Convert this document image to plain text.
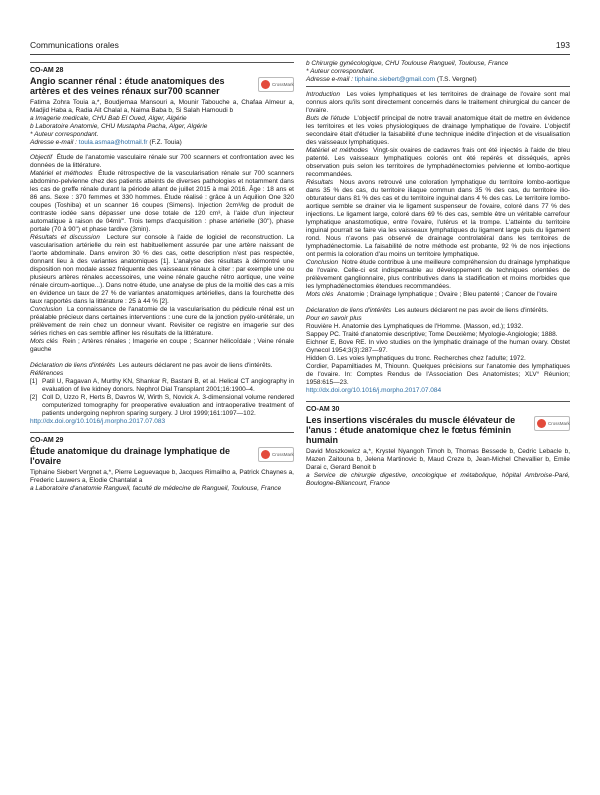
Communications orales	193
CO-AM 28
CrossMark
Angio scanner rénal : étude anatomiques des artères et des veines rénaux sur700 scanner

Fatima Zohra Touia a,*, Boudjemaa Mansouri a, Mounir Tabouche a, Chafaa Almeur a, Madjid Haba a, Radia Ait Chalal a, Naima Baba b, Si Salah Hamoudi b

a Imagerie medicale, CHU Bab El Oued, Alger, Algérie

b Laboratoire Anatomie, CHU Mustapha Pacha, Alger, Algérie

* Auteur correspondant.

Adresse e-mail : toula.asmaa@hotmail.fr (F.Z. Touia)

Objectif Étude de l'anatomie vasculaire rénale sur 700 scanners et confrontation avec les données de la littérature.

Matériel et méthodes Étude rétrospective de la vascularisation rénale sur 700 scanners abdomino-pelvienne chez des patients atteints de diverses pathologies et notamment dans les cas de greffe rénale durant la période allant de juillet 2015 à mai 2016. Âge : 18 ans et 86 ans. Sexe : 370 femmes et 330 hommes. Étude réalisé : grâce à un Aquilion One 320 coupes (Toshiba) et un scanner 16 coupes (Simens). Injection 2cm³/kg de produit de contraste iodée sans dépasser une dose totale de 120 cm³, à l'aide d'un injecteur automatique à raison de 04ml/''. Trois temps d'acquisition : phase artérielle (30''), phase portale (70 à 90'') et phase tardive (3min).

Résultats et discussion Lecture sur console à l'aide de logiciel de reconstruction. La vascularisation artérielle du rein est habituellement assurée par une artère naissant de l'aorte abdominale. Dans environ 30 % des cas, cette description n'est pas respectée, donnant lieu à des variantes anatomiques [1]. L'analyse des résultats à démontré une disposition non modale assez fréquente des vaisseaux rénaux à citer : par exemple une ou plusieurs artères rénales accessoires, une veine rénale gauche rétro aortique, une veine rénale circum-aortique...). Dans notre étude, une analyse de plus de la moitié des cas a mis en évidence un taux de 27 % de variantes anatomiques artérielles, dans la fourchette des taux rapportés dans la littérature : 25 à 44 % [2].

Conclusion La connaissance de l'anatomie de la vascularisation du pédicule rénal est un préalable précieux dans certaines interventions : une cure de la jonction pyélo-urétérale, un prélèvement de rein chez un donneur vivant. Revisiter ce registre en imagerie sur des séries riches en cas semble affiner les résultats de la littérature.

Mots clés Rein ; Artères rénales ; Imagerie en coupe ; Scanner hélicoïdale ; Veine rénale gauche

Déclaration de liens d'intérêts Les auteurs déclarent ne pas avoir de liens d'intérêts.

Références

[1] Patil U, Ragavan A, Murthy KN, Shankar R, Bastani B, et al. Helical CT angiography in evaluation of live kidney donors. Nephrol Dial Transplant 2001;16:1900–4.
[2] Coll D, Uzzo R, Herts B, Davros W, Wirth S, Novick A. 3-dimensional volume rendered computerized tomography for preoperative evaluation and intraoperative treatment of patients undergoing nephron sparing surgery. J Urol 1999;161:1097—102.

http://dx.doi.org/10.1016/j.morpho.2017.07.083

CO-AM 29
CrossMark
Étude anatomique du drainage lymphatique de l'ovaire

Tiphaine Siebert Vergnet a,*, Pierre Leguevaque b, Jacques Rimailho a, Patrick Chaynes a, Frederic Lauwers a, Elodie Chantalat a

a Laboratoire d'anatomie Rangueil, faculté de médecine de Rangueil, Toulouse, France

b Chirurgie gynécologique, CHU Toulouse Rangueil, Toulouse, France

* Auteur correspondant.

Adresse e-mail : tiphaine.siebert@gmail.com (T.S. Vergnet)

Introduction Les voies lymphatiques et les territoires de drainage de l'ovaire sont mal connus alors qu'ils sont directement concernés dans le traitement chirurgical du cancer de l'ovaire.

Buts de l'étude L'objectif principal de notre travail anatomique était de mettre en évidence les territoires et les voies physiologiques de drainage lymphatique de l'ovaire. L'objectif secondaire était d'étudier la faisabilité d'une technique inédite d'injection et de visualisation des vaisseaux lymphatiques.

Matériel et méthodes Vingt-six ovaires de cadavres frais ont été injectés à l'aide de bleu patenté. Les vaisseaux lymphatiques colorés ont été repérés et disséqués, après observation puis selon les territoires de lymphadénectomies pelvienne et lombo-aortique recommandées.

Résultats Nous avons retrouvé une coloration lymphatique du territoire lombo-aortique dans 35 % des cas, du territoire iliaque commun dans 35 % des cas, du territoire ilio-obturateur dans 81 % des cas et du territoire inguinal dans 4 % des cas. Le territoire lombo-aortique semble se drainer via le ligament suspenseur de l'ovaire, coloré dans 77 % des injections. Le ligament large, coloré dans 69 % des cas, semble être un véritable carrefour lymphatique anastomotique, entre l'ovaire, l'utérus et la trompe. L'atteinte du territoire inguinal pourrait se faire via les vaisseaux lymphatiques du ligament large puis du ligament rond. Nous n'avons pas observé de drainage controlatéral dans les territoires de lymphadénectomie. La faisabilité de notre méthode est probante, 92 % de nos injections ont permis la coloration d'au moins un territoire lymphatique.

Conclusion Notre étude contribue à une meilleure compréhension du drainage lymphatique de l'ovaire. Celle-ci est indispensable au développement de techniques orientées de prélèvement ganglionnaire, plus contributives dans la stadification et moins morbides que les lymphadénectomies étendues recommandées.

Mots clés Anatomie ; Drainage lymphatique ; Ovaire ; Bleu patenté ; Cancer de l'ovaire

Déclaration de liens d'intérêts Les auteurs déclarent ne pas avoir de liens d'intérêts.

Pour en savoir plus

Rouvière H. Anatomie des Lymphatiques de l'Homme. (Masson, ed.); 1932.

Sappey PC. Traité d'anatomie descriptive; Tome Deuxième; Myologie-Angiologie; 1888.

Eichner E, Bove RE. In vivo studies on the lymphatic drainage of the human ovary. Obstet Gynecol 1954;3(3):287—97.

Hidden G. Les voies lymphatiques du tronc. Recherches chez l'adulte; 1972.

Cordier, Papamiltiades M, Thiounn. Quelques précisions sur l'anatomie des lymphatiques de l'ovaire. In: Comptes Rendus de l'Association Des Anatomistes; XLV° Réunion; 1958:615—23.

http://dx.doi.org/10.1016/j.morpho.2017.07.084

CO-AM 30
CrossMark
Les insertions viscérales du muscle élévateur de l'anus : étude anatomique chez le fœtus féminin humain

David Moszkowicz a,*, Krystel Nyangoh Timoh b, Thomas Bessede b, Cedric Lebacle b, Mazen Zaitouna b, Jelena Martinovic b, Maud Creze b, Jean-Michel Chevallier b, Emile Darai c, Gerard Benoit b

a Service de chirurgie digestive, oncologique et métabolique, hôpital Ambroise-Paré, Boulogne-Billancourt, France
